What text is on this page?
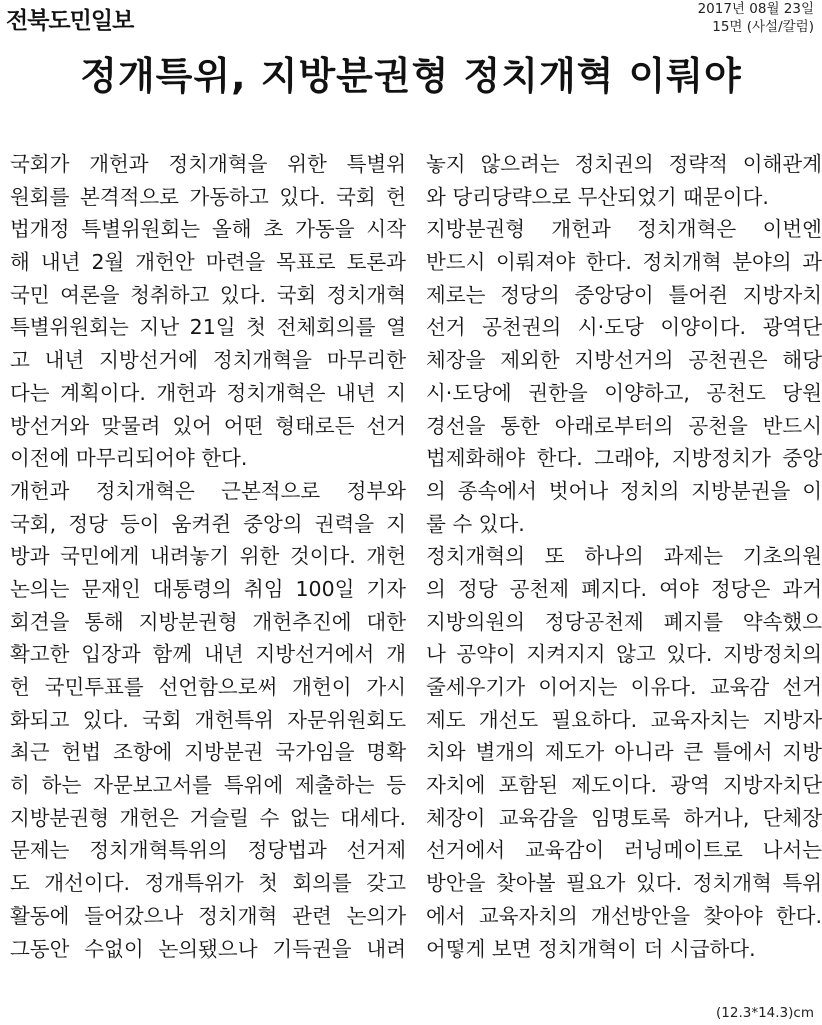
전북도민일보	2017년 08월 23일
15면 (사설/칼럼)
정개특위, 지방분권형 정치개혁 이뤄야
국회가 개헌과 정치개혁을 위한 특별위
원회를 본격적으로 가동하고 있다. 국회 헌
법개정 특별위원회는 올해 초 가동을 시작
해 내년 2월 개헌안 마련을 목표로 토론과
국민 여론을 청취하고 있다. 국회 정치개혁
특별위원회는 지난 21일 첫 전체회의를 열
고 내년 지방선거에 정치개혁을 마무리한
다는 계획이다. 개헌과 정치개혁은 내년 지
방선거와 맞물려 있어 어떤 형태로든 선거
이전에 마무리되어야 한다.
개헌과 정치개혁은 근본적으로 정부와
국회, 정당 등이 움켜쥔 중앙의 권력을 지
방과 국민에게 내려놓기 위한 것이다. 개헌
논의는 문재인 대통령의 취임 100일 기자
회견을 통해 지방분권형 개헌추진에 대한
확고한 입장과 함께 내년 지방선거에서 개
헌 국민투표를 선언함으로써 개헌이 가시
화되고 있다. 국회 개헌특위 자문위원회도
최근 헌법 조항에 지방분권 국가임을 명확
히 하는 자문보고서를 특위에 제출하는 등
지방분권형 개헌은 거슬릴 수 없는 대세다.
문제는 정치개혁특위의 정당법과 선거제
도 개선이다. 정개특위가 첫 회의를 갖고
활동에 들어갔으나 정치개혁 관련 논의가
그동안 수없이 논의됐으나 기득권을 내려
놓지 않으려는 정치권의 정략적 이해관계
와 당리당략으로 무산되었기 때문이다.
지방분권형 개헌과 정치개혁은 이번엔
반드시 이뤄져야 한다. 정치개혁 분야의 과
제로는 정당의 중앙당이 틀어쥔 지방자치
선거 공천권의 시·도당 이양이다. 광역단
체장을 제외한 지방선거의 공천권은 해당
시·도당에 권한을 이양하고, 공천도 당원
경선을 통한 아래로부터의 공천을 반드시
법제화해야 한다. 그래야, 지방정치가 중앙
의 종속에서 벗어나 정치의 지방분권을 이
룰 수 있다.
정치개혁의 또 하나의 과제는 기초의원
의 정당 공천제 폐지다. 여야 정당은 과거
지방의원의 정당공천제 폐지를 약속했으
나 공약이 지켜지지 않고 있다. 지방정치의
줄세우기가 이어지는 이유다. 교육감 선거
제도 개선도 필요하다. 교육자치는 지방자
치와 별개의 제도가 아니라 큰 틀에서 지방
자치에 포함된 제도이다. 광역 지방자치단
체장이 교육감을 임명토록 하거나, 단체장
선거에서 교육감이 러닝메이트로 나서는
방안을 찾아볼 필요가 있다. 정치개혁 특위
에서 교육자치의 개선방안을 찾아야 한다.
어떻게 보면 정치개혁이 더 시급하다.
(12.3*14.3)cm
